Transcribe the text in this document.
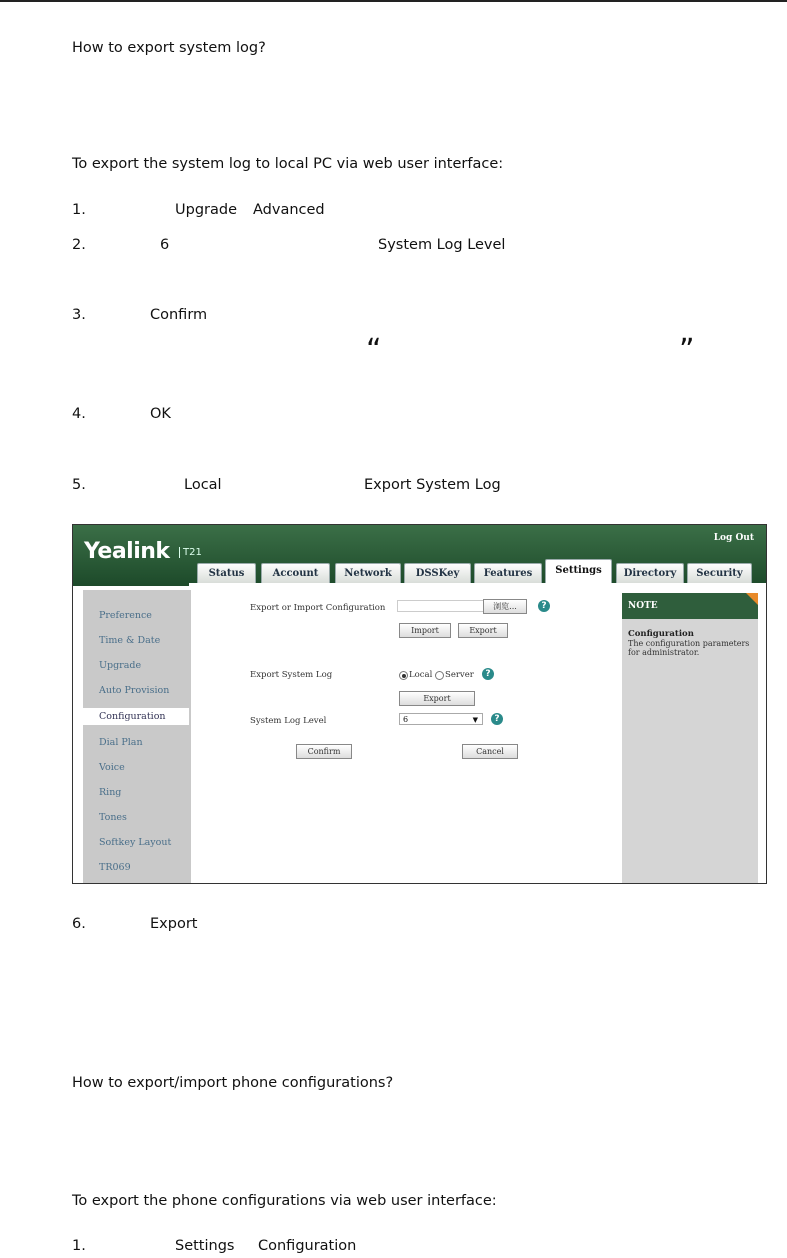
How to export system log?
To export the system log to local PC via web user interface:
1.	Upgrade Advanced
2.	6	System Log Level
3.	Confirm
“	”
4.	OK
5.	Local	Export System Log
Yealink	T21
Log Out
Status	Account	Network	DSSKey	Features	Settings	Directory	Security
Preference
Time & Date
Upgrade
Auto Provision
Configuration
Dial Plan
Voice
Ring
Tones
Softkey Layout
TR069
Export or Import Configuration	浏览...	?
Import	Export
Export System Log	Local Server	?
Export
System Log Level	6	▼	?
Confirm	Cancel
NOTE
Configuration
The configuration parameters for administrator.
6.	Export
How to export/import phone configurations?
To export the phone configurations via web user interface:
1.	Settings Configuration
